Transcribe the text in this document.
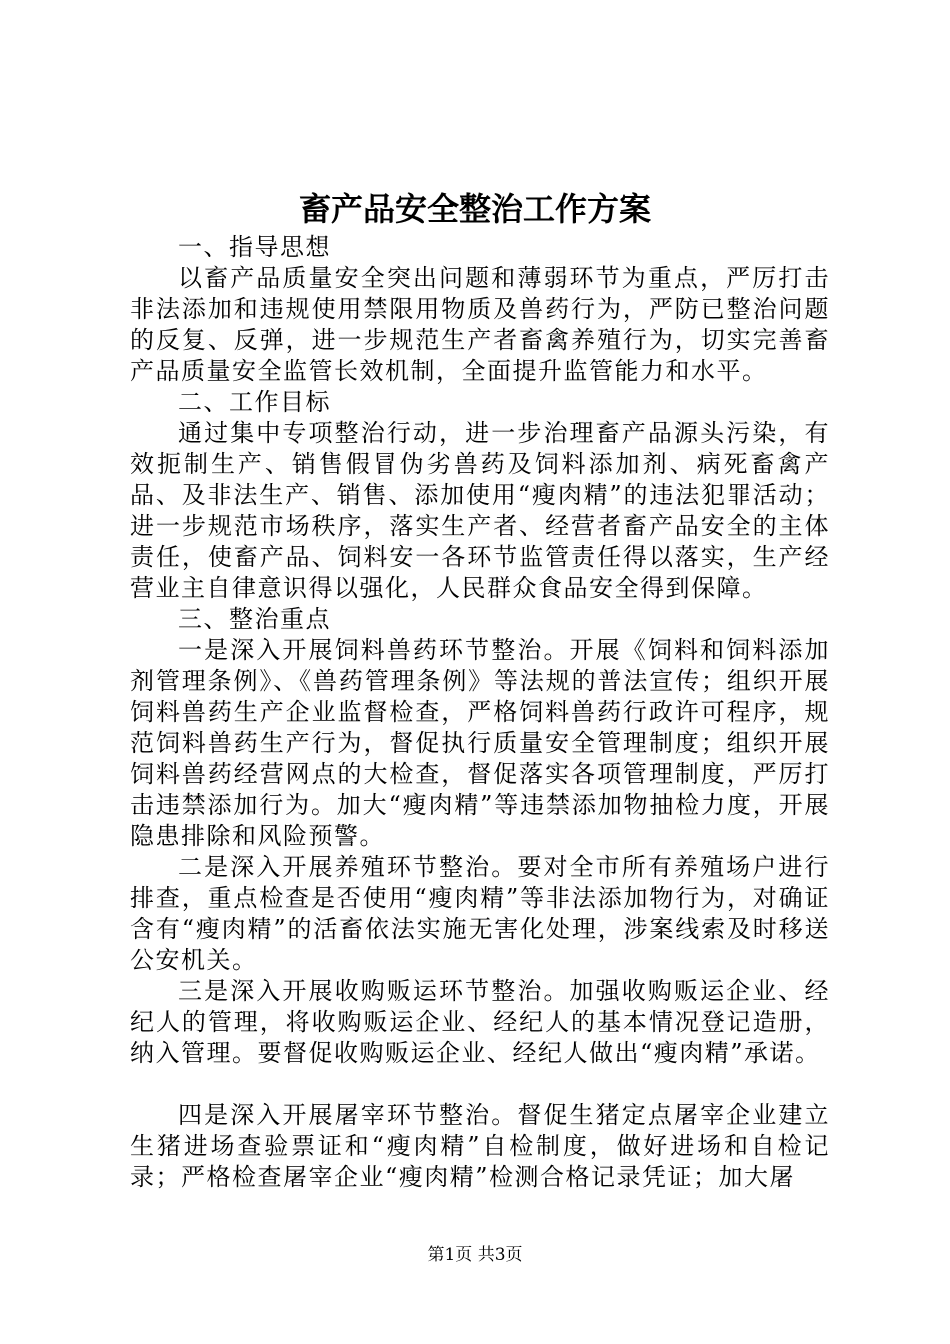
畜产品安全整治工作方案

一、指导思想

以畜产品质量安全突出问题和薄弱环节为重点，严厉打击非法添加和违规使用禁限用物质及兽药行为，严防已整治问题的反复、反弹，进一步规范生产者畜禽养殖行为，切实完善畜产品质量安全监管长效机制，全面提升监管能力和水平。

二、工作目标

通过集中专项整治行动，进一步治理畜产品源头污染，有效扼制生产、销售假冒伪劣兽药及饲料添加剂、病死畜禽产品、及非法生产、销售、添加使用“瘦肉精”的违法犯罪活动；进一步规范市场秩序，落实生产者、经营者畜产品安全的主体责任，使畜产品、饲料安一各环节监管责任得以落实，生产经营业主自律意识得以强化，人民群众食品安全得到保障。

三、整治重点

一是深入开展饲料兽药环节整治。开展《饲料和饲料添加剂管理条例》、《兽药管理条例》等法规的普法宣传；组织开展饲料兽药生产企业监督检查，严格饲料兽药行政许可程序，规范饲料兽药生产行为，督促执行质量安全管理制度；组织开展饲料兽药经营网点的大检查，督促落实各项管理制度，严厉打击违禁添加行为。加大“瘦肉精”等违禁添加物抽检力度，开展隐患排除和风险预警。

二是深入开展养殖环节整治。要对全市所有养殖场户进行排查，重点检查是否使用“瘦肉精”等非法添加物行为，对确证含有“瘦肉精”的活畜依法实施无害化处理，涉案线索及时移送公安机关。

三是深入开展收购贩运环节整治。加强收购贩运企业、经纪人的管理，将收购贩运企业、经纪人的基本情况登记造册，纳入管理。要督促收购贩运企业、经纪人做出“瘦肉精”承诺。

四是深入开展屠宰环节整治。督促生猪定点屠宰企业建立生猪进场查验票证和“瘦肉精”自检制度，做好进场和自检记录；严格检查屠宰企业“瘦肉精”检测合格记录凭证；加大屠

第1页 共3页
